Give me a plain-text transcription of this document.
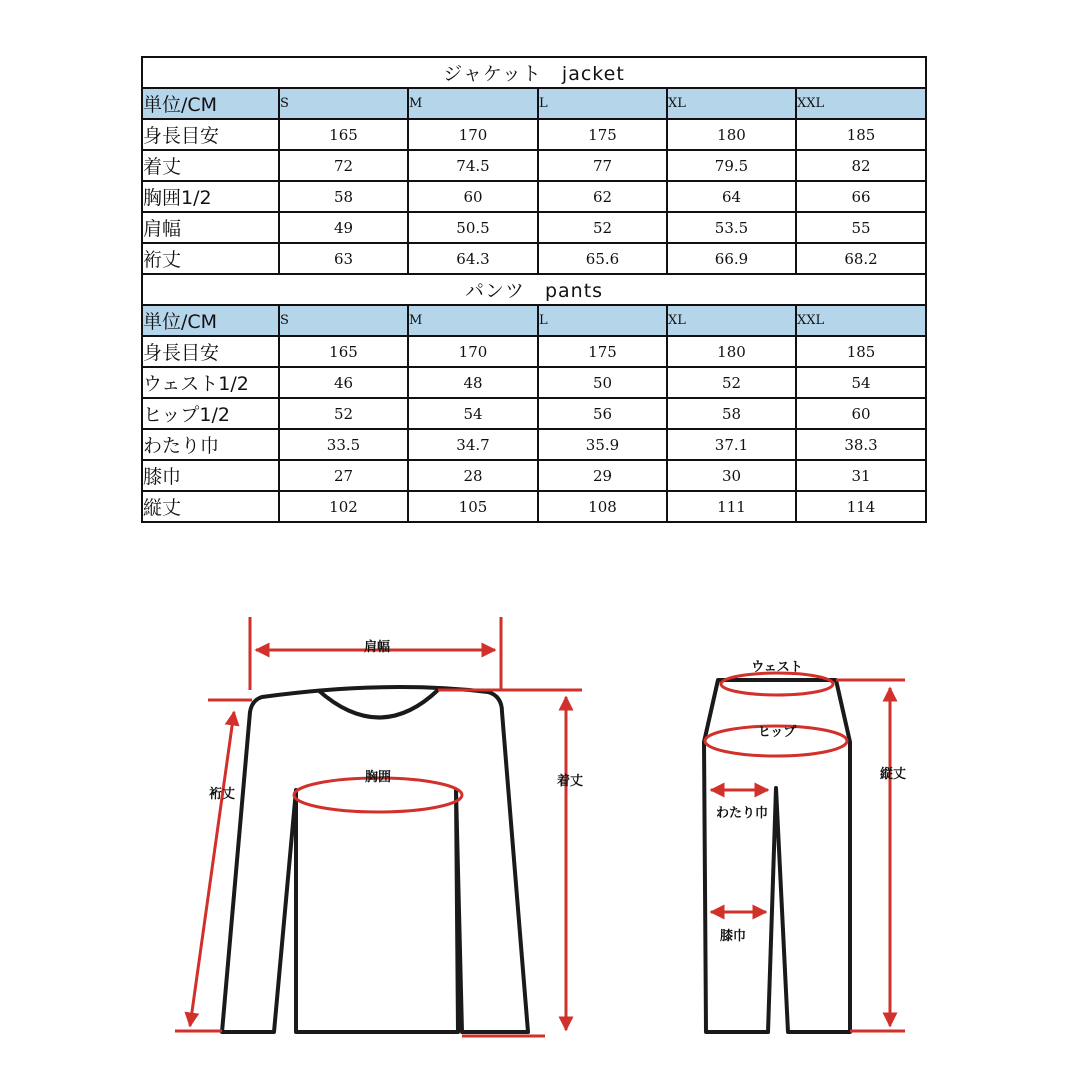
ジャケット　jacket					
単位/CM	S	M	L	XL	XXL
身長目安	165	170	175	180	185
着丈	72	74.5	77	79.5	82
胸囲1/2	58	60	62	64	66
肩幅	49	50.5	52	53.5	55
裄丈	63	64.3	65.6	66.9	68.2
パンツ　pants					
単位/CM	S	M	L	XL	XXL
身長目安	165	170	175	180	185
ウェスト1/2	46	48	50	52	54
ヒップ1/2	52	54	56	58	60
わたり巾	33.5	34.7	35.9	37.1	38.3
膝巾	27	28	29	30	31
縦丈	102	105	108	111	114
肩幅
胸囲
裄丈
着丈
ウェスト
ヒップ
わたり巾
膝巾
縦丈
